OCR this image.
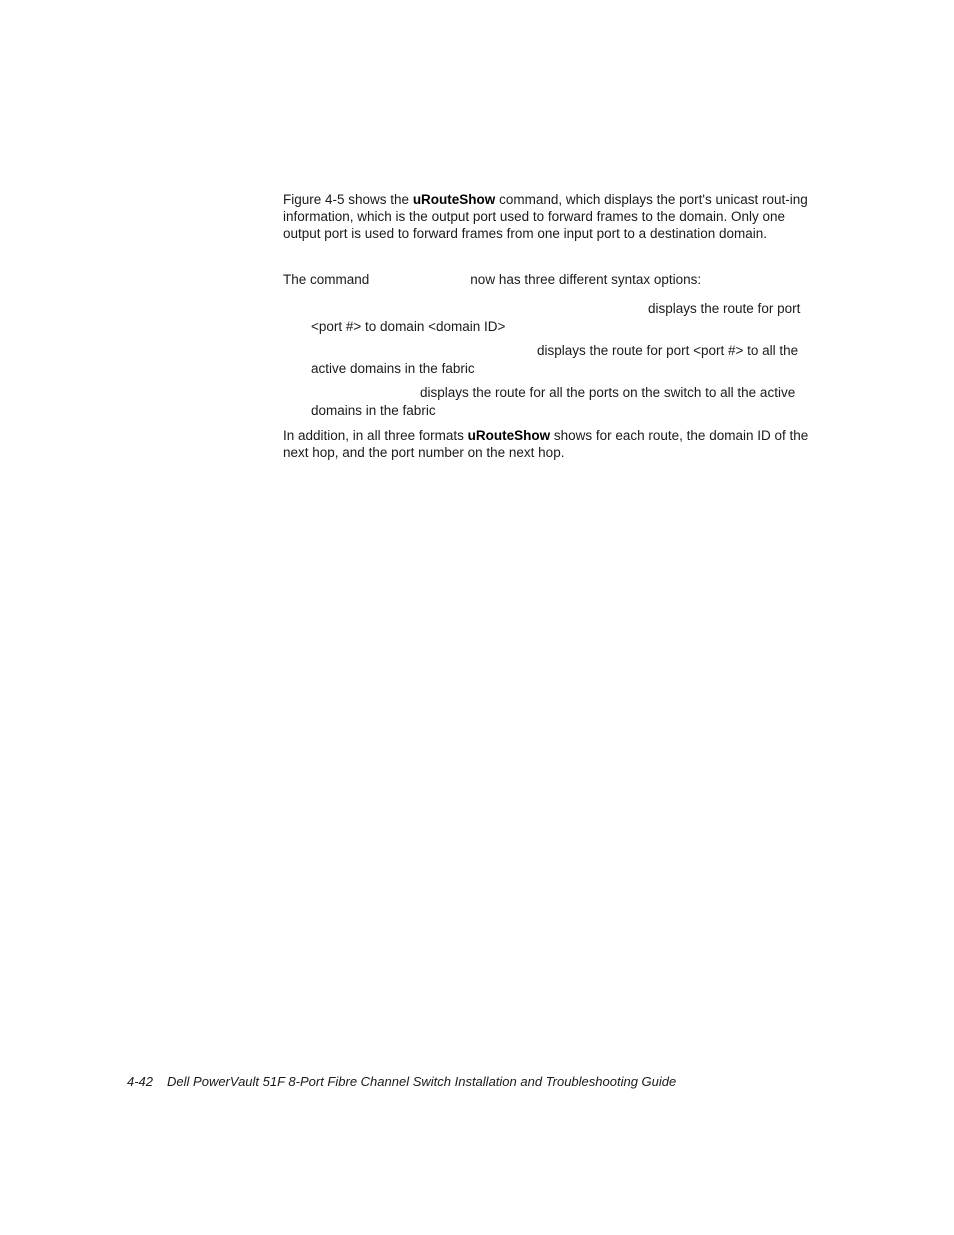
Figure 4-5 shows the uRouteShow command, which displays the port's unicast rout-ing information, which is the output port used to forward frames to the domain. Only one output port is used to forward frames from one input port to a destination domain.

The command	now has three different syntax options:

displays the route for port
<port #> to domain <domain ID>
displays the route for port <port #> to all the
active domains in the fabric
displays the route for all the ports on the switch to all the active
domains in the fabric

In addition, in all three formats uRouteShow shows for each route, the domain ID of the next hop, and the port number on the next hop.

4-42 Dell PowerVault 51F 8-Port Fibre Channel Switch Installation and Troubleshooting Guide
